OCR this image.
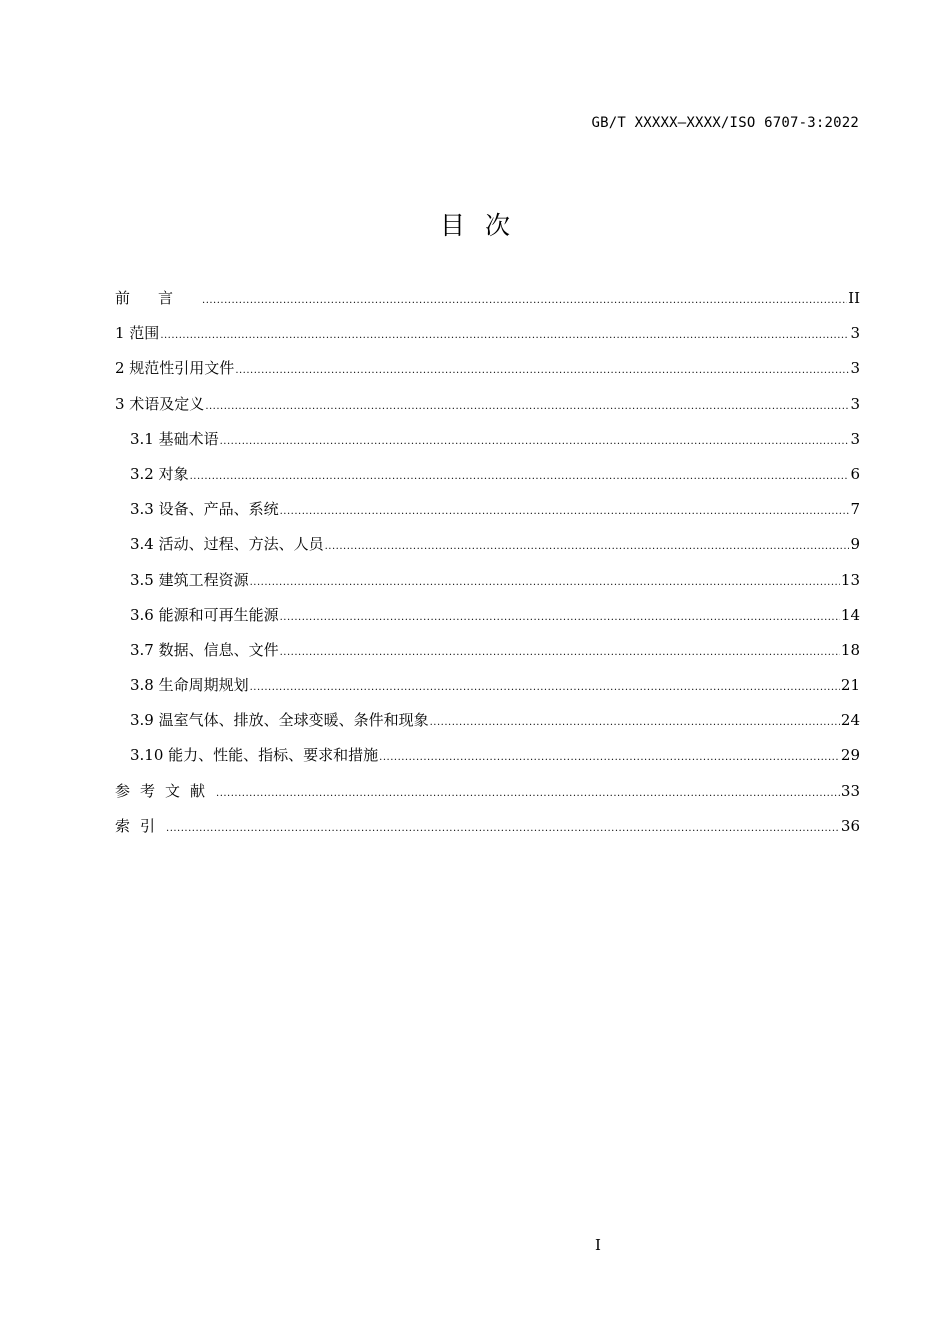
GB/T XXXXX—XXXX/ISO 6707-3:2022
目次
前言 .....	II
1 范围 .....	3
2 规范性引用文件 .....	3
3 术语及定义 .....	3
3.1 基础术语 .....	3
3.2 对象 .....	6
3.3 设备、产品、系统 .....	7
3.4 活动、过程、方法、人员 .....	9
3.5 建筑工程资源 .....	13
3.6 能源和可再生能源 .....	14
3.7 数据、信息、文件 .....	18
3.8 生命周期规划 .....	21
3.9 温室气体、排放、全球变暖、条件和现象 .....	24
3.10 能力、性能、指标、要求和措施 .....	29
参考文献 .....	33
索引 .....	36
I
